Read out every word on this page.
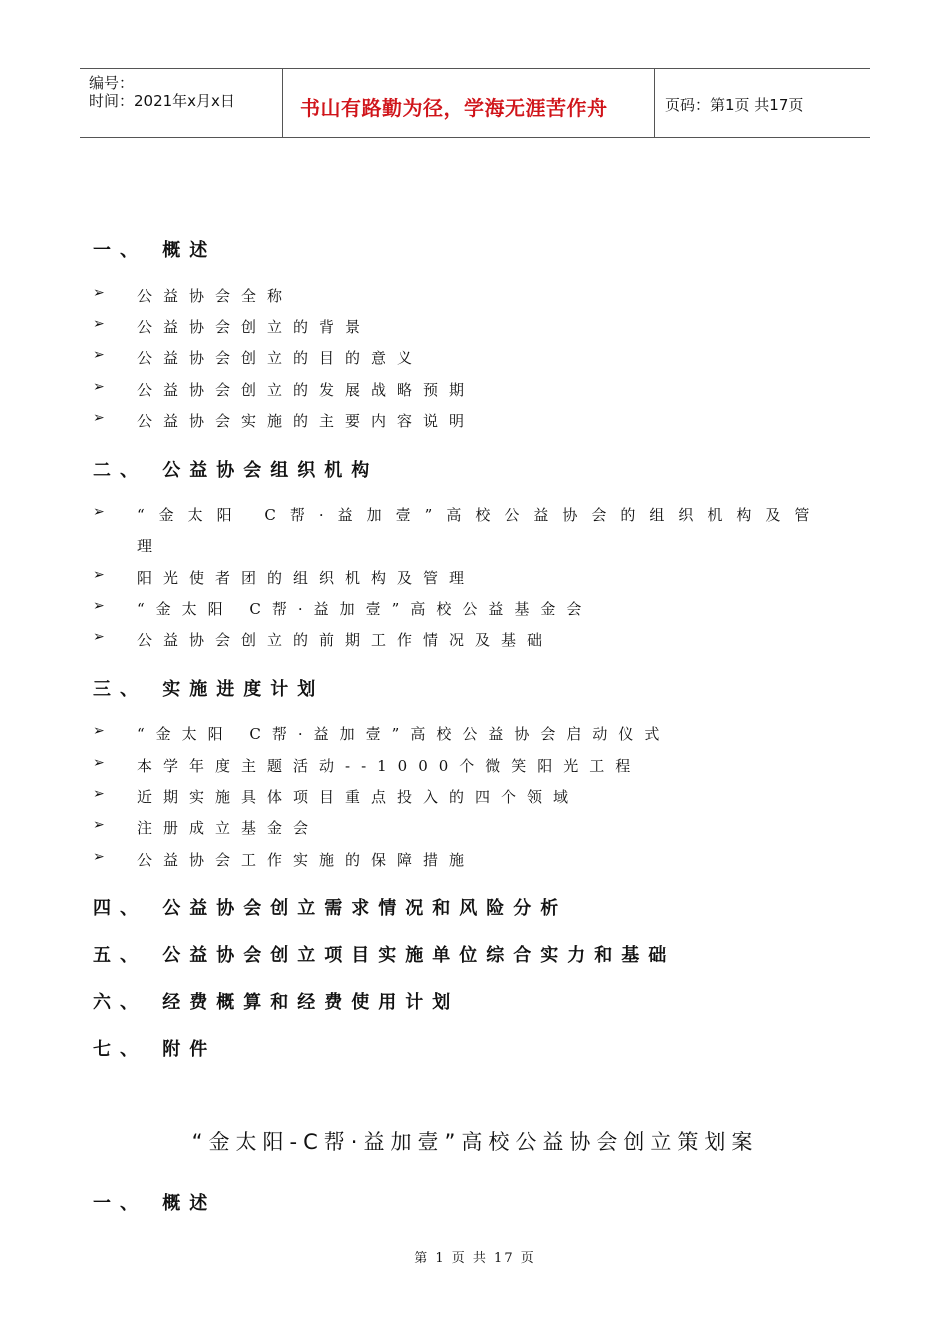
编号：
时间：2021年x月x日	书山有路勤为径，学海无涯苦作舟	页码：第1页 共17页
一、 概述
➢ 公益协会全称
➢ 公益协会创立的背景
➢ 公益协会创立的目的意义
➢ 公益协会创立的发展战略预期
➢ 公益协会实施的主要内容说明
二、 公益协会组织机构
➢ “金太阳 C帮·益加壹”高校公益协会的组织机构及管
理
➢ 阳光使者团的组织机构及管理
➢ “金太阳 C帮·益加壹”高校公益基金会
➢ 公益协会创立的前期工作情况及基础
三、 实施进度计划
➢ “金太阳 C帮·益加壹”高校公益协会启动仪式
➢ 本学年度主题活动--1000个微笑阳光工程
➢ 近期实施具体项目重点投入的四个领域
➢ 注册成立基金会
➢ 公益协会工作实施的保障措施
四、 公益协会创立需求情况和风险分析
五、 公益协会创立项目实施单位综合实力和基础
六、 经费概算和经费使用计划
七、 附件
“金太阳-C帮·益加壹”高校公益协会创立策划案
一、 概述
第 1 页 共 17 页
